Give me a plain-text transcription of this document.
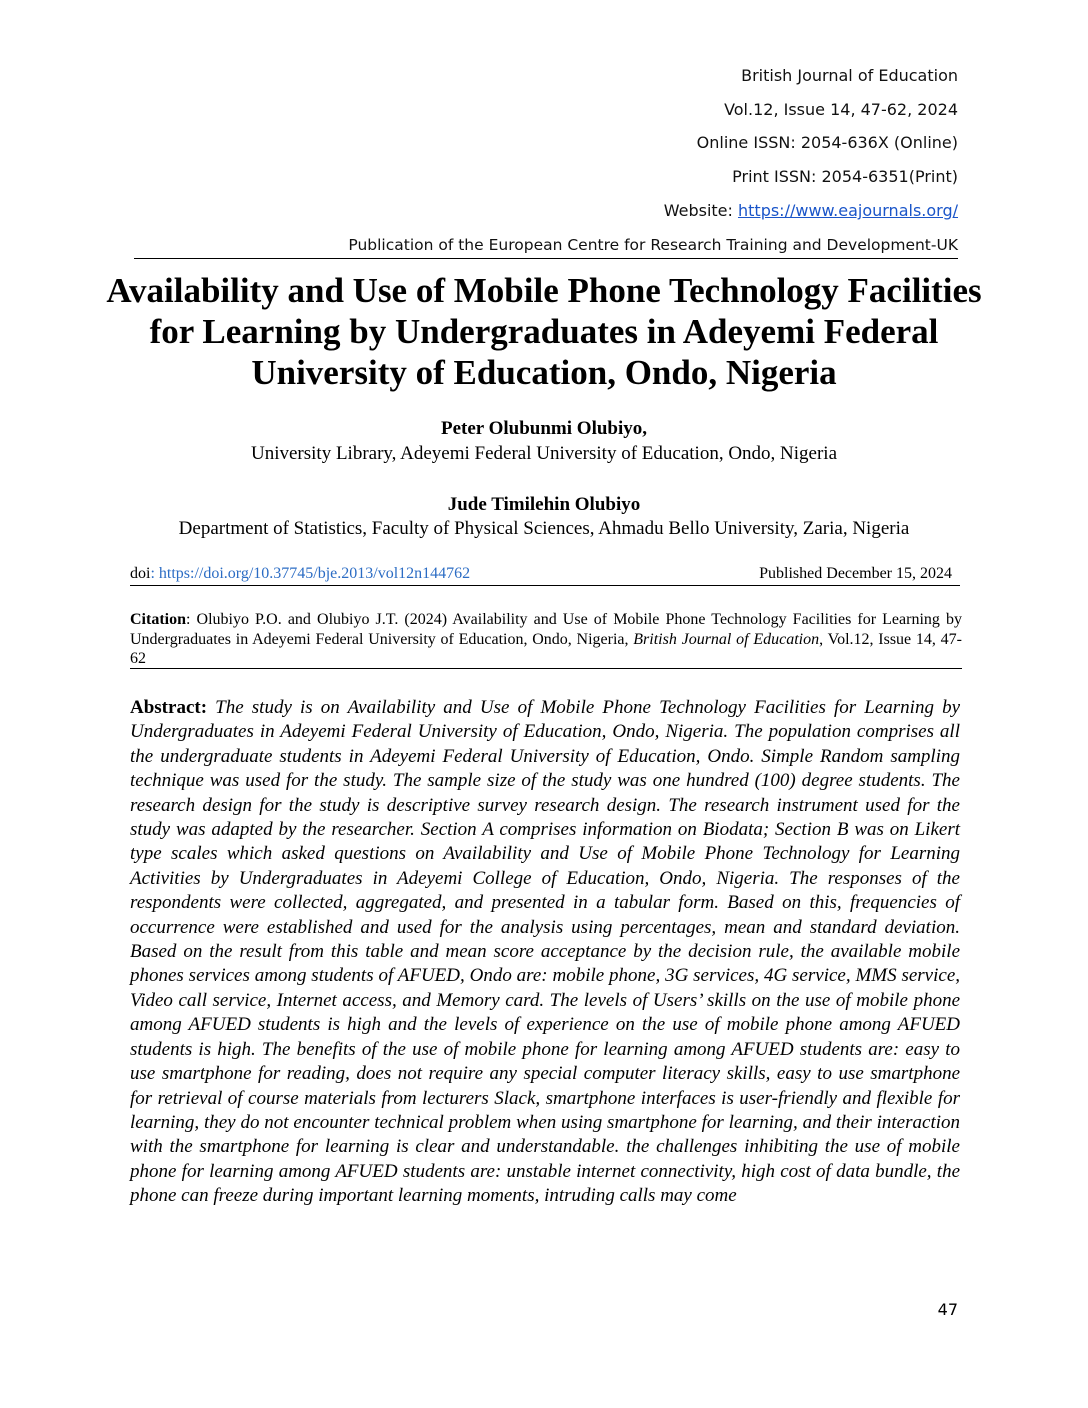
British Journal of Education
Vol.12, Issue 14, 47-62, 2024
Online ISSN: 2054-636X (Online)
Print ISSN: 2054-6351(Print)
Website: https://www.eajournals.org/
Publication of the European Centre for Research Training and Development-UK
Availability and Use of Mobile Phone Technology Facilities for Learning by Undergraduates in Adeyemi Federal University of Education, Ondo, Nigeria
Peter Olubunmi Olubiyo,
University Library, Adeyemi Federal University of Education, Ondo, Nigeria
Jude Timilehin Olubiyo
Department of Statistics, Faculty of Physical Sciences, Ahmadu Bello University, Zaria, Nigeria
doi: https://doi.org/10.37745/bje.2013/vol12n144762	Published December 15, 2024
Citation: Olubiyo P.O. and Olubiyo J.T. (2024) Availability and Use of Mobile Phone Technology Facilities for Learning by Undergraduates in Adeyemi Federal University of Education, Ondo, Nigeria, British Journal of Education, Vol.12, Issue 14, 47-62
Abstract: The study is on Availability and Use of Mobile Phone Technology Facilities for Learning by Undergraduates in Adeyemi Federal University of Education, Ondo, Nigeria. The population comprises all the undergraduate students in Adeyemi Federal University of Education, Ondo. Simple Random sampling technique was used for the study. The sample size of the study was one hundred (100) degree students. The research design for the study is descriptive survey research design. The research instrument used for the study was adapted by the researcher. Section A comprises information on Biodata; Section B was on Likert type scales which asked questions on Availability and Use of Mobile Phone Technology for Learning Activities by Undergraduates in Adeyemi College of Education, Ondo, Nigeria. The responses of the respondents were collected, aggregated, and presented in a tabular form. Based on this, frequencies of occurrence were established and used for the analysis using percentages, mean and standard deviation. Based on the result from this table and mean score acceptance by the decision rule, the available mobile phones services among students of AFUED, Ondo are: mobile phone, 3G services, 4G service, MMS service, Video call service, Internet access, and Memory card. The levels of Users’ skills on the use of mobile phone among AFUED students is high and the levels of experience on the use of mobile phone among AFUED students is high. The benefits of the use of mobile phone for learning among AFUED students are: easy to use smartphone for reading, does not require any special computer literacy skills, easy to use smartphone for retrieval of course materials from lecturers Slack, smartphone interfaces is user-friendly and flexible for learning, they do not encounter technical problem when using smartphone for learning, and their interaction with the smartphone for learning is clear and understandable. the challenges inhibiting the use of mobile phone for learning among AFUED students are: unstable internet connectivity, high cost of data bundle, the phone can freeze during important learning moments, intruding calls may come
47
